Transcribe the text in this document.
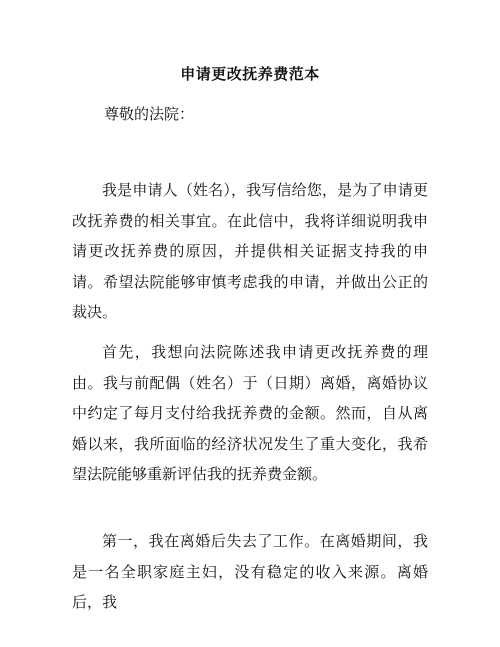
申请更改抚养费范本
尊敬的法院：

我是申请人（姓名），我写信给您，是为了申请更改抚养费的相关事宜。在此信中，我将详细说明我申请更改抚养费的原因，并提供相关证据支持我的申请。希望法院能够审慎考虑我的申请，并做出公正的裁决。

首先，我想向法院陈述我申请更改抚养费的理由。我与前配偶（姓名）于（日期）离婚，离婚协议中约定了每月支付给我抚养费的金额。然而，自从离婚以来，我所面临的经济状况发生了重大变化，我希望法院能够重新评估我的抚养费金额。

第一，我在离婚后失去了工作。在离婚期间，我是一名全职家庭主妇，没有稳定的收入来源。离婚后，我
